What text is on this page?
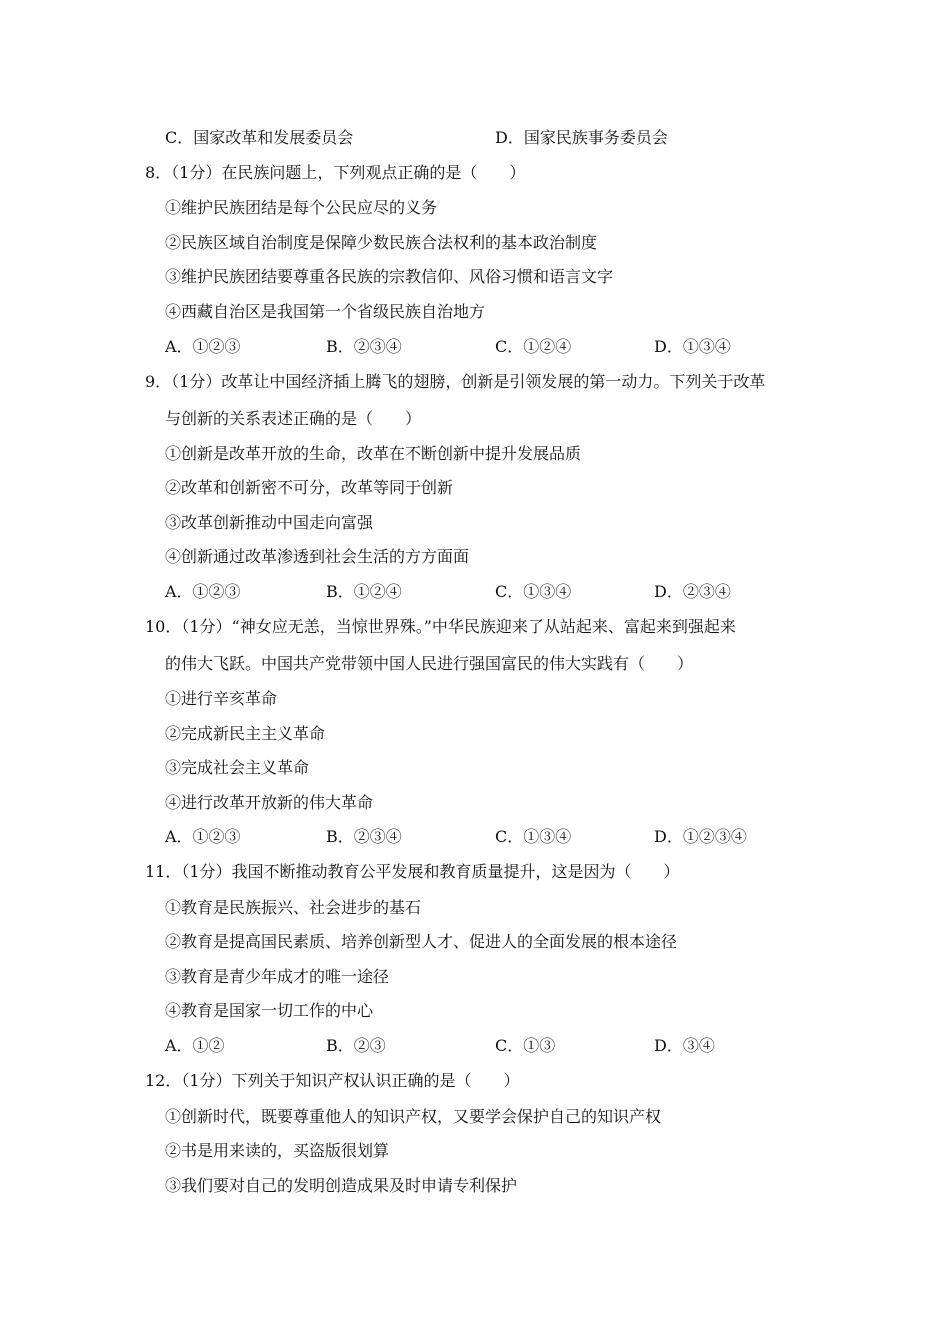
C．国家改革和发展委员会	D．国家民族事务委员会
8．（1分）在民族问题上，下列观点正确的是（　　）
①维护民族团结是每个公民应尽的义务
②民族区域自治制度是保障少数民族合法权利的基本政治制度
③维护民族团结要尊重各民族的宗教信仰、风俗习惯和语言文字
④西藏自治区是我国第一个省级民族自治地方
A．①②③	B．②③④	C．①②④	D．①③④
9．（1分）改革让中国经济插上腾飞的翅膀，创新是引领发展的第一动力。下列关于改革
与创新的关系表述正确的是（　　）
①创新是改革开放的生命，改革在不断创新中提升发展品质
②改革和创新密不可分，改革等同于创新
③改革创新推动中国走向富强
④创新通过改革渗透到社会生活的方方面面
A．①②③	B．①②④	C．①③④	D．②③④
10．（1分）“神女应无恙，当惊世界殊。”中华民族迎来了从站起来、富起来到强起来
的伟大飞跃。中国共产党带领中国人民进行强国富民的伟大实践有（　　）
①进行辛亥革命
②完成新民主主义革命
③完成社会主义革命
④进行改革开放新的伟大革命
A．①②③	B．②③④	C．①③④	D．①②③④
11．（1分）我国不断推动教育公平发展和教育质量提升，这是因为（　　）
①教育是民族振兴、社会进步的基石
②教育是提高国民素质、培养创新型人才、促进人的全面发展的根本途径
③教育是青少年成才的唯一途径
④教育是国家一切工作的中心
A．①②	B．②③	C．①③	D．③④
12．（1分）下列关于知识产权认识正确的是（　　）
①创新时代，既要尊重他人的知识产权，又要学会保护自己的知识产权
②书是用来读的，买盗版很划算
③我们要对自己的发明创造成果及时申请专利保护
